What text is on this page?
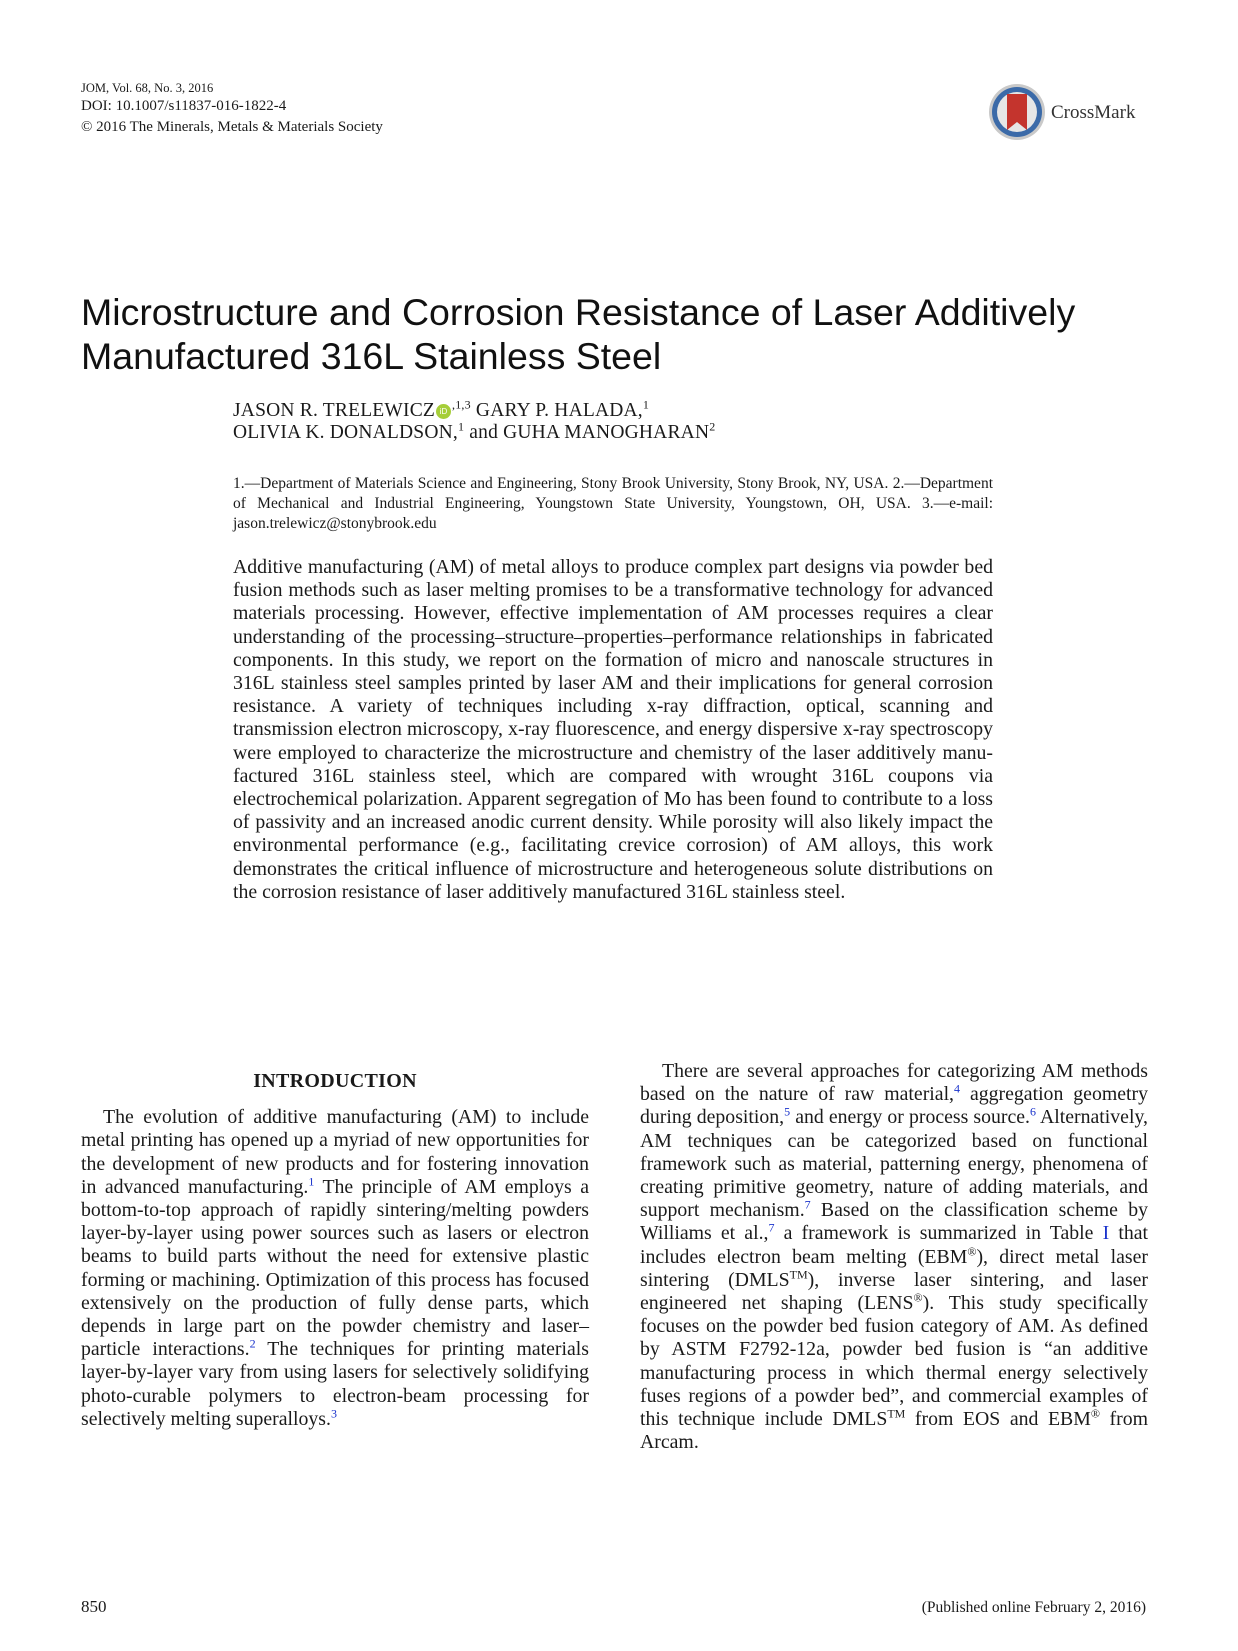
JOM, Vol. 68, No. 3, 2016
DOI: 10.1007/s11837-016-1822-4
© 2016 The Minerals, Metals & Materials Society
CrossMark
Microstructure and Corrosion Resistance of Laser Additively Manufactured 316L Stainless Steel
JASON R. TRELEWICZ $iD^{,1,3}$ GARY P. HALADA,$^1$
OLIVIA K. DONALDSON,$^1$ and GUHA MANOGHARAN$^2$
1.—Department of Materials Science and Engineering, Stony Brook University, Stony Brook, NY, USA. 2.—Department of Mechanical and Industrial Engineering, Youngstown State University, Youngstown, OH, USA. 3.—e-mail: jason.trelewicz@stonybrook.edu
Additive manufacturing (AM) of metal alloys to produce complex part designs via powder bed fusion methods such as laser melting promises to be a transformative technology for advanced materials processing. However, effective implementation of AM processes requires a clear understanding of the processing–structure–properties–performance relationships in fabricated components. In this study, we report on the formation of micro and nanoscale structures in 316L stainless steel samples printed by laser AM and their implications for general corrosion resistance. A variety of techniques including x-ray diffraction, optical, scanning and transmission electron microscopy, x-ray fluorescence, and energy dispersive x-ray spectroscopy were employed to characterize the microstructure and chemistry of the laser additively manufactured 316L stainless steel, which are compared with wrought 316L coupons via electrochemical polarization. Apparent segregation of Mo has been found to contribute to a loss of passivity and an increased anodic current density. While porosity will also likely impact the environmental performance (e.g., facilitating crevice corrosion) of AM alloys, this work demonstrates the critical influence of microstructure and heterogeneous solute distributions on the corrosion resistance of laser additively manufactured 316L stainless steel.
INTRODUCTION

The evolution of additive manufacturing (AM) to include metal printing has opened up a myriad of new opportunities for the development of new products and for fostering innovation in advanced manufacturing.$^1$ The principle of AM employs a bottom-to-top approach of rapidly sintering/melting powders layer-by-layer using power sources such as lasers or electron beams to build parts without the need for extensive plastic forming or machining. Optimization of this process has focused extensively on the production of fully dense parts, which depends in large part on the powder chemistry and laser–particle interactions.$^2$ The techniques for printing materials layer-by-layer vary from using lasers for selectively solidifying photo-curable polymers to electron-beam processing for selectively melting superalloys.$^3$

There are several approaches for categorizing AM methods based on the nature of raw material,$^4$ aggregation geometry during deposition,$^5$ and energy or process source.$^6$ Alternatively, AM techniques can be categorized based on functional framework such as material, patterning energy, phenomena of creating primitive geometry, nature of adding materials, and support mechanism.$^7$ Based on the classification scheme by Williams et al.,$^7$ a framework is summarized in Table I that includes electron beam melting (EBM®), direct metal laser sintering (DMLS™), inverse laser sintering, and laser engineered net shaping (LENS®). This study specifically focuses on the powder bed fusion category of AM. As defined by ASTM F2792-12a, powder bed fusion is “an additive manufacturing process in which thermal energy selectively fuses regions of a powder bed”, and commercial examples of this technique include DMLS™ from EOS and EBM® from Arcam.

850	(Published online February 2, 2016)
